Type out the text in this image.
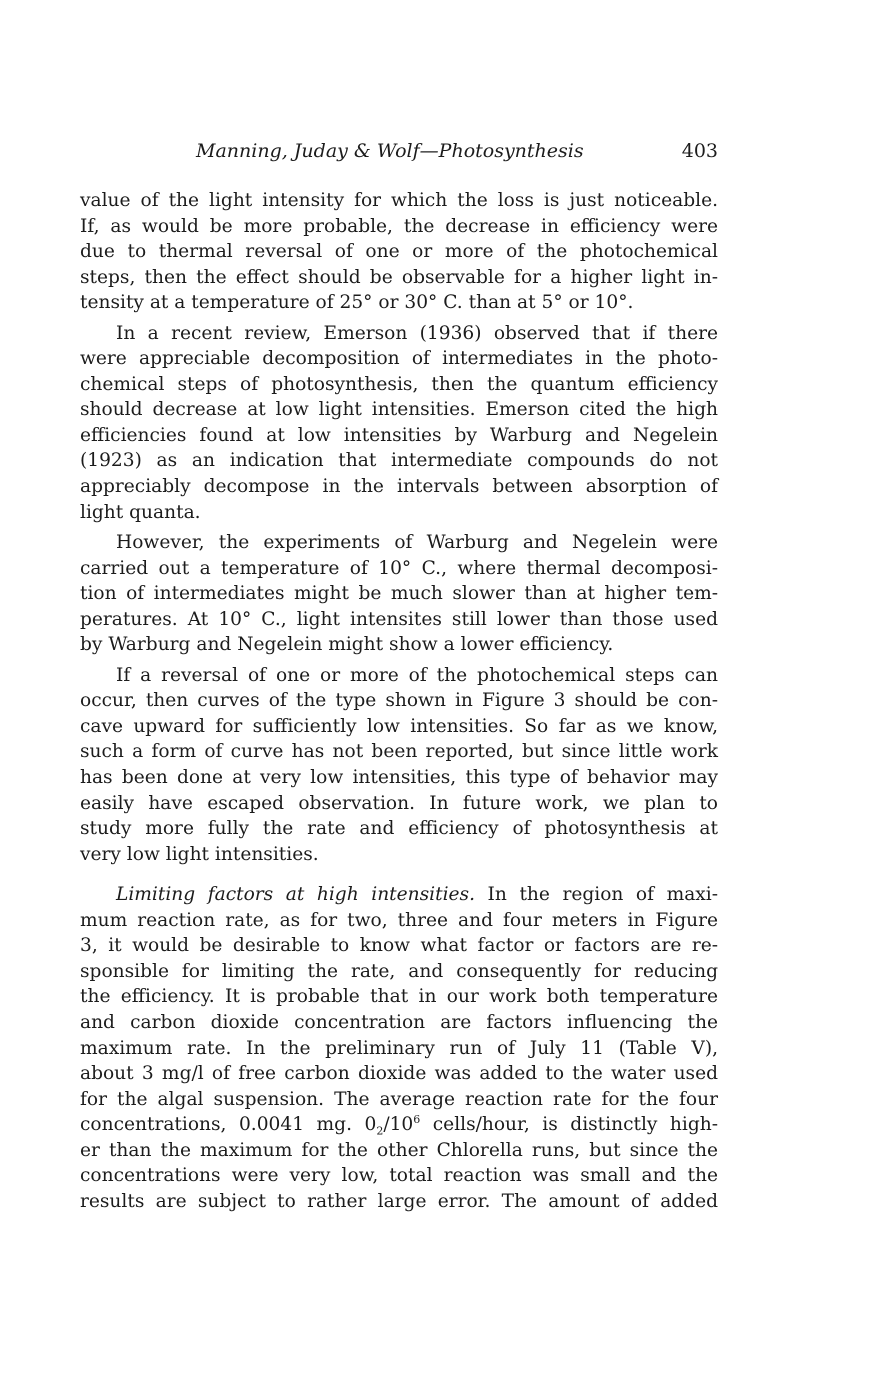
Manning, Juday & Wolf—Photosynthesis	403
value of the light intensity for which the loss is just noticeable.
If, as would be more probable, the decrease in efficiency were
due to thermal reversal of one or more of the photochemical
steps, then the effect should be observable for a higher light in-
tensity at a temperature of 25° or 30° C. than at 5° or 10°.
In a recent review, Emerson (1936) observed that if there
were appreciable decomposition of intermediates in the photo-
chemical steps of photosynthesis, then the quantum efficiency
should decrease at low light intensities. Emerson cited the high
efficiencies found at low intensities by Warburg and Negelein
(1923) as an indication that intermediate compounds do not
appreciably decompose in the intervals between absorption of
light quanta.
However, the experiments of Warburg and Negelein were
carried out a temperature of 10° C., where thermal decomposi-
tion of intermediates might be much slower than at higher tem-
peratures. At 10° C., light intensites still lower than those used
by Warburg and Negelein might show a lower efficiency.
If a reversal of one or more of the photochemical steps can
occur, then curves of the type shown in Figure 3 should be con-
cave upward for sufficiently low intensities. So far as we know,
such a form of curve has not been reported, but since little work
has been done at very low intensities, this type of behavior may
easily have escaped observation. In future work, we plan to
study more fully the rate and efficiency of photosynthesis at
very low light intensities.
Limiting factors at high intensities. In the region of maxi-
mum reaction rate, as for two, three and four meters in Figure
3, it would be desirable to know what factor or factors are re-
sponsible for limiting the rate, and consequently for reducing
the efficiency. It is probable that in our work both temperature
and carbon dioxide concentration are factors influencing the
maximum rate. In the preliminary run of July 11 (Table V),
about 3 mg/l of free carbon dioxide was added to the water used
for the algal suspension. The average reaction rate for the four
concentrations, 0.0041 mg. $0_2/10^6$ cells/hour, is distinctly high-
er than the maximum for the other Chlorella runs, but since the
concentrations were very low, total reaction was small and the
results are subject to rather large error. The amount of added
